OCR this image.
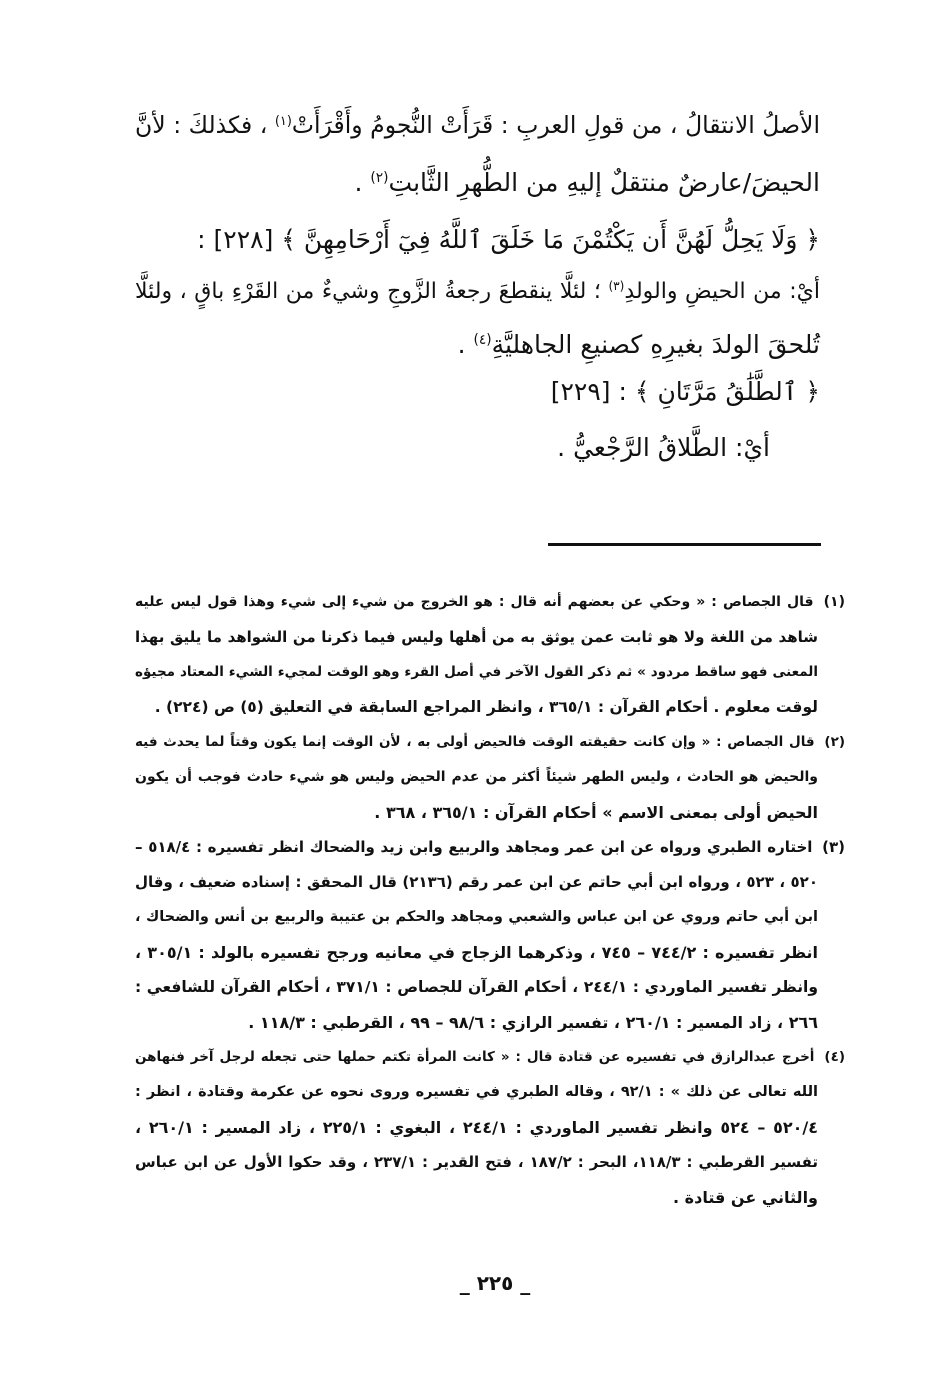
الأصلُ الانتقالُ ، من قولِ العربِ : قَرَأَتْ النُّجومُ وأَقْرَأَتْ$^{(١)}$ ، فكذلكَ : لأنَّ
الحيضَ/عارضٌ منتقلٌ إليهِ من الطُّهرِ الثَّابتِ$^{(٢)}$ .
﴿ وَلَا يَحِلُّ لَهُنَّ أَن يَكْتُمْنَ مَا خَلَقَ ٱللَّهُ فِيٓ أَرْحَامِهِنَّ ﴾ [٢٢٨] :
أيْ: من الحيضِ والولدِ$^{(٣)}$ ؛ لئلَّا ينقطعَ رجعةُ الزَّوجِ وشيءٌ من القَرْءِ باقٍ ، ولئلَّا
تُلحقَ الولدَ بغيرِهِ كصنيعِ الجاهليَّةِ$^{(٤)}$ .
﴿ ٱلطَّلَٰقُ مَرَّتَانِ ﴾ : [٢٢٩]
أيْ: الطَّلاقُ الرَّجْعيُّ .
(١) قال الجصاص : « وحكي عن بعضهم أنه قال : هو الخروج من شيء إلى شيء وهذا قول ليس عليه
شاهد من اللغة ولا هو ثابت عمن يوثق به من أهلها وليس فيما ذكرنا من الشواهد ما يليق بهذا
المعنى فهو ساقط مردود » ثم ذكر القول الآخر في أصل القرء وهو الوقت لمجيء الشيء المعتاد مجيؤه
لوقت معلوم . أحكام القرآن : ٣٦٥/١ ، وانظر المراجع السابقة في التعليق (٥) ص (٢٢٤) .
(٢) قال الجصاص : « وإن كانت حقيقته الوقت فالحيض أولى به ، لأن الوقت إنما يكون وقتاً لما يحدث فيه
والحيض هو الحادث ، وليس الطهر شيئاً أكثر من عدم الحيض وليس هو شيء حادث فوجب أن يكون
الحيض أولى بمعنى الاسم » أحكام القرآن : ٣٦٥/١ ، ٣٦٨ .
(٣) اختاره الطبري ورواه عن ابن عمر ومجاهد والربيع وابن زيد والضحاك انظر تفسيره : ٥١٨/٤ –
٥٢٠ ، ٥٢٣ ، ورواه ابن أبي حاتم عن ابن عمر رقم (٢١٣٦) قال المحقق : إسناده ضعيف ، وقال
ابن أبي حاتم وروي عن ابن عباس والشعبي ومجاهد والحكم بن عتيبة والربيع بن أنس والضحاك ،
انظر تفسيره : ٧٤٤/٢ – ٧٤٥ ، وذكرهما الزجاج في معانيه ورجح تفسيره بالولد : ٣٠٥/١ ،
وانظر تفسير الماوردي : ٢٤٤/١ ، أحكام القرآن للجصاص : ٣٧١/١ ، أحكام القرآن للشافعي :
٢٦٦ ، زاد المسير : ٢٦٠/١ ، تفسير الرازي : ٩٨/٦ – ٩٩ ، القرطبي : ١١٨/٣ .
(٤) أخرج عبدالرازق في تفسيره عن قتادة قال : « كانت المرأة تكتم حملها حتى تجعله لرجل آخر فنهاهن
الله تعالى عن ذلك » : ٩٢/١ ، وقاله الطبري في تفسيره وروى نحوه عن عكرمة وقتادة ، انظر :
٥٢٠/٤ – ٥٢٤ وانظر تفسير الماوردي : ٢٤٤/١ ، البغوي : ٢٢٥/١ ، زاد المسير : ٢٦٠/١ ،
تفسير القرطبي : ١١٨/٣، البحر : ١٨٧/٢ ، فتح القدير : ٢٣٧/١ ، وقد حكوا الأول عن ابن عباس
والثاني عن قتادة .
_ ٢٢٥ _
